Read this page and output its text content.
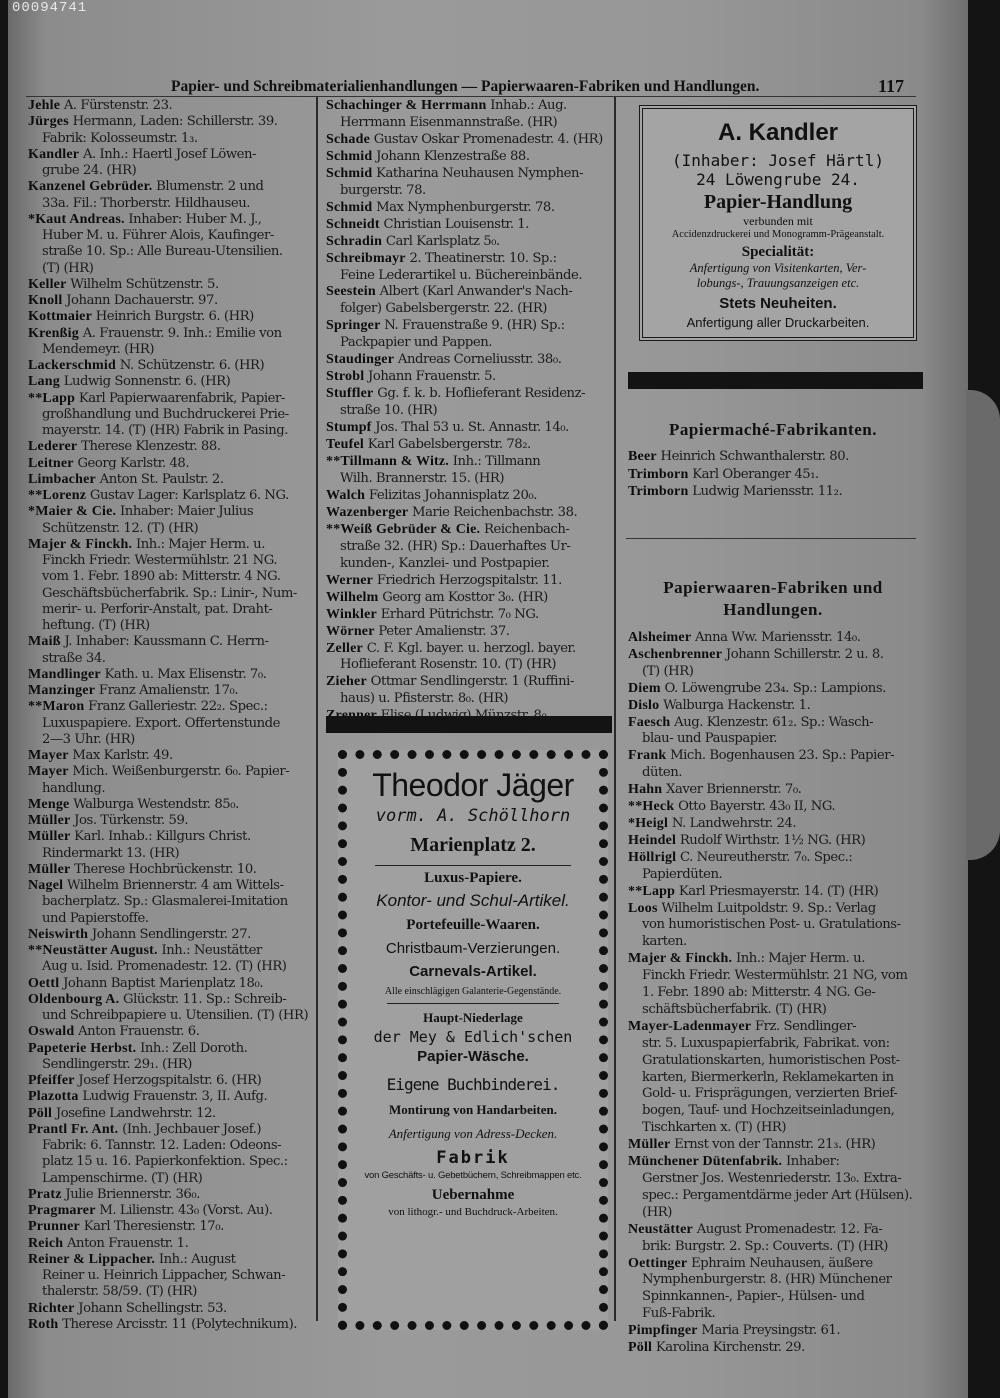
00094741
Papier- und Schreibmaterialienhandlungen — Papierwaaren-Fabriken und Handlungen.	117
Jehle A. Fürstenstr. 23.
Jürges Hermann, Laden: Schillerstr. 39.
Fabrik: Kolosseumstr. 1₃.
Kandler A. Inh.: Haertl Josef Löwen-
grube 24. (HR)
Kanzenel Gebrüder. Blumenstr. 2 und
33a. Fil.: Thorberstr. Hildhauseu.
*Kaut Andreas. Inhaber: Huber M. J.,
Huber M. u. Führer Alois, Kaufinger-
straße 10. Sp.: Alle Bureau-Utensilien.
(T) (HR)
Keller Wilhelm Schützenstr. 5.
Knoll Johann Dachauerstr. 97.
Kottmaier Heinrich Burgstr. 6. (HR)
Krenßig A. Frauenstr. 9. Inh.: Emilie von
Mendemeyr. (HR)
Lackerschmid N. Schützenstr. 6. (HR)
Lang Ludwig Sonnenstr. 6. (HR)
**Lapp Karl Papierwaarenfabrik, Papier-
großhandlung und Buchdruckerei Prie-
mayerstr. 14. (T) (HR) Fabrik in Pasing.
Lederer Therese Klenzestr. 88.
Leitner Georg Karlstr. 48.
Limbacher Anton St. Paulstr. 2.
**Lorenz Gustav Lager: Karlsplatz 6. NG.
*Maier & Cie. Inhaber: Maier Julius
Schützenstr. 12. (T) (HR)
Majer & Finckh. Inh.: Majer Herm. u.
Finckh Friedr. Westermühlstr. 21 NG.
vom 1. Febr. 1890 ab: Mitterstr. 4 NG.
Geschäftsbücherfabrik. Sp.: Linir-, Num-
merir- u. Perforir-Anstalt, pat. Draht-
heftung. (T) (HR)
Maiß J. Inhaber: Kaussmann C. Herrn-
straße 34.
Mandlinger Kath. u. Max Elisenstr. 7₀.
Manzinger Franz Amalienstr. 17₀.
**Maron Franz Galleriestr. 22₂. Spec.:
Luxuspapiere. Export. Offertenstunde
2—3 Uhr. (HR)
Mayer Max Karlstr. 49.
Mayer Mich. Weißenburgerstr. 6₀. Papier-
handlung.
Menge Walburga Westendstr. 85₀.
Müller Jos. Türkenstr. 59.
Müller Karl. Inhab.: Killgurs Christ.
Rindermarkt 13. (HR)
Müller Therese Hochbrückenstr. 10.
Nagel Wilhelm Briennerstr. 4 am Wittels-
bacherplatz. Sp.: Glasmalerei-Imitation
und Papierstoffe.
Neiswirth Johann Sendlingerstr. 27.
**Neustätter August. Inh.: Neustätter
Aug u. Isid. Promenadestr. 12. (T) (HR)
Oettl Johann Baptist Marienplatz 18₀.
Oldenbourg A. Glückstr. 11. Sp.: Schreib-
und Schreibpapiere u. Utensilien. (T) (HR)
Oswald Anton Frauenstr. 6.
Papeterie Herbst. Inh.: Zell Doroth.
Sendlingerstr. 29₁. (HR)
Pfeiffer Josef Herzogspitalstr. 6. (HR)
Plazotta Ludwig Frauenstr. 3, II. Aufg.
Pöll Josefine Landwehrstr. 12.
Prantl Fr. Ant. (Inh. Jechbauer Josef.)
Fabrik: 6. Tannstr. 12. Laden: Odeons-
platz 15 u. 16. Papierkonfektion. Spec.:
Lampenschirme. (T) (HR)
Pratz Julie Briennerstr. 36₀.
Pragmarer M. Lilienstr. 43₀ (Vorst. Au).
Prunner Karl Theresienstr. 17₀.
Reich Anton Frauenstr. 1.
Reiner & Lippacher. Inh.: August
Reiner u. Heinrich Lippacher, Schwan-
thalerstr. 58/59. (T) (HR)
Richter Johann Schellingstr. 53.
Roth Therese Arcisstr. 11 (Polytechnikum).
Schachinger & Herrmann Inhab.: Aug.
Herrmann Eisenmannstraße. (HR)
Schade Gustav Oskar Promenadestr. 4. (HR)
Schmid Johann Klenzestraße 88.
Schmid Katharina Neuhausen Nymphen-
burgerstr. 78.
Schmid Max Nymphenburgerstr. 78.
Schneidt Christian Louisenstr. 1.
Schradin Carl Karlsplatz 5₀.
Schreibmayr 2. Theatinerstr. 10. Sp.:
Feine Lederartikel u. Büchereinbände.
Seestein Albert (Karl Anwander's Nach-
folger) Gabelsbergerstr. 22. (HR)
Springer N. Frauenstraße 9. (HR) Sp.:
Packpapier und Pappen.
Staudinger Andreas Corneliusstr. 38₀.
Strobl Johann Frauenstr. 5.
Stuffler Gg. f. k. b. Hoflieferant Residenz-
straße 10. (HR)
Stumpf Jos. Thal 53 u. St. Annastr. 14₀.
Teufel Karl Gabelsbergerstr. 78₂.
**Tillmann & Witz. Inh.: Tillmann
Wilh. Brannerstr. 15. (HR)
Walch Felizitas Johannisplatz 20₀.
Wazenberger Marie Reichenbachstr. 38.
**Weiß Gebrüder & Cie. Reichenbach-
straße 32. (HR) Sp.: Dauerhaftes Ur-
kunden-, Kanzlei- und Postpapier.
Werner Friedrich Herzogspitalstr. 11.
Wilhelm Georg am Kosttor 3₀. (HR)
Winkler Erhard Pütrichstr. 7₀ NG.
Wörner Peter Amalienstr. 37.
Zeller C. F. Kgl. bayer. u. herzogl. bayer.
Hoflieferant Rosenstr. 10. (T) (HR)
Zieher Ottmar Sendlingerstr. 1 (Ruffini-
haus) u. Pfisterstr. 8₀. (HR)
A. Kandler
(Inhaber: Josef Härtl)
24 Löwengrube 24.
Papier-Handlung
verbunden mit
Accidenzdruckerei und Monogramm-Prägeanstalt.
Specialität:
Anfertigung von Visitenkarten, Ver-
lobungs-, Trauungsanzeigen etc.
Stets Neuheiten.
Anfertigung aller Druckarbeiten.
Papiermaché-Fabrikanten.
Beer Heinrich Schwanthalerstr. 80.
Trimborn Karl Oberanger 45₁.
Trimborn Ludwig Mariensstr. 11₂.
Papierwaaren-Fabriken und
Handlungen.
Alsheimer Anna Ww. Mariensstr. 14₀.
Aschenbrenner Johann Schillerstr. 2 u. 8.
(T) (HR)
Diem O. Löwengrube 23₄. Sp.: Lampions.
Dislo Walburga Hackenstr. 1.
Faesch Aug. Klenzestr. 61₂. Sp.: Wasch-
blau- und Pauspapier.
Frank Mich. Bogenhausen 23. Sp.: Papier-
düten.
Hahn Xaver Briennerstr. 7₀.
**Heck Otto Bayerstr. 43₀ II, NG.
*Heigl N. Landwehrstr. 24.
Heindel Rudolf Wirthstr. 1½ NG. (HR)
Höllrigl C. Neureutherstr. 7₀. Spec.:
Papierdüten.
**Lapp Karl Priesmayerstr. 14. (T) (HR)
Loos Wilhelm Luitpoldstr. 9. Sp.: Verlag
von humoristischen Post- u. Gratulations-
karten.
Majer & Finckh. Inh.: Majer Herm. u.
Finckh Friedr. Westermühlstr. 21 NG, vom
1. Febr. 1890 ab: Mitterstr. 4 NG. Ge-
schäftsbücherfabrik. (T) (HR)
Mayer-Ladenmayer Frz. Sendlinger-
str. 5. Luxuspapierfabrik, Fabrikat. von:
Gratulationskarten, humoristischen Post-
karten, Biermerkerln, Reklamekarten in
Gold- u. Frisprägungen, verzierten Brief-
bogen, Tauf- und Hochzeitseinladungen,
Tischkarten x. (T) (HR)
Müller Ernst von der Tannstr. 21₃. (HR)
Münchener Dütenfabrik. Inhaber:
Gerstner Jos. Westenriederstr. 13₀. Extra-
spec.: Pergamentdärme jeder Art (Hülsen).
(HR)
Neustätter August Promenadestr. 12. Fa-
brik: Burgstr. 2. Sp.: Couverts. (T) (HR)
Oettinger Ephraim Neuhausen, äußere
Nymphenburgerstr. 8. (HR) Münchener
Spinnkannen-, Papier-, Hülsen- und
Fuß-Fabrik.
Pimpfinger Maria Preysingstr. 61.
Pöll Karolina Kirchenstr. 29.
Theodor Jäger
vorm. A. Schöllhorn
Marienplatz 2.
Luxus-Papiere.
Kontor- und Schul-Artikel.
Portefeuille-Waaren.
Christbaum-Verzierungen.
Carnevals-Artikel.
Alle einschlägigen Galanterie-Gegenstände.
Haupt-Niederlage
der Mey & Edlich'schen
Papier-Wäsche.
Eigene Buchbinderei.
Montirung von Handarbeiten.
Anfertigung von Adress-Decken.
Fabrik
von Geschäfts- u. Gebetbüchern, Schreibmappen etc.
Uebernahme
von lithogr.- und Buchdruck-Arbeiten.
